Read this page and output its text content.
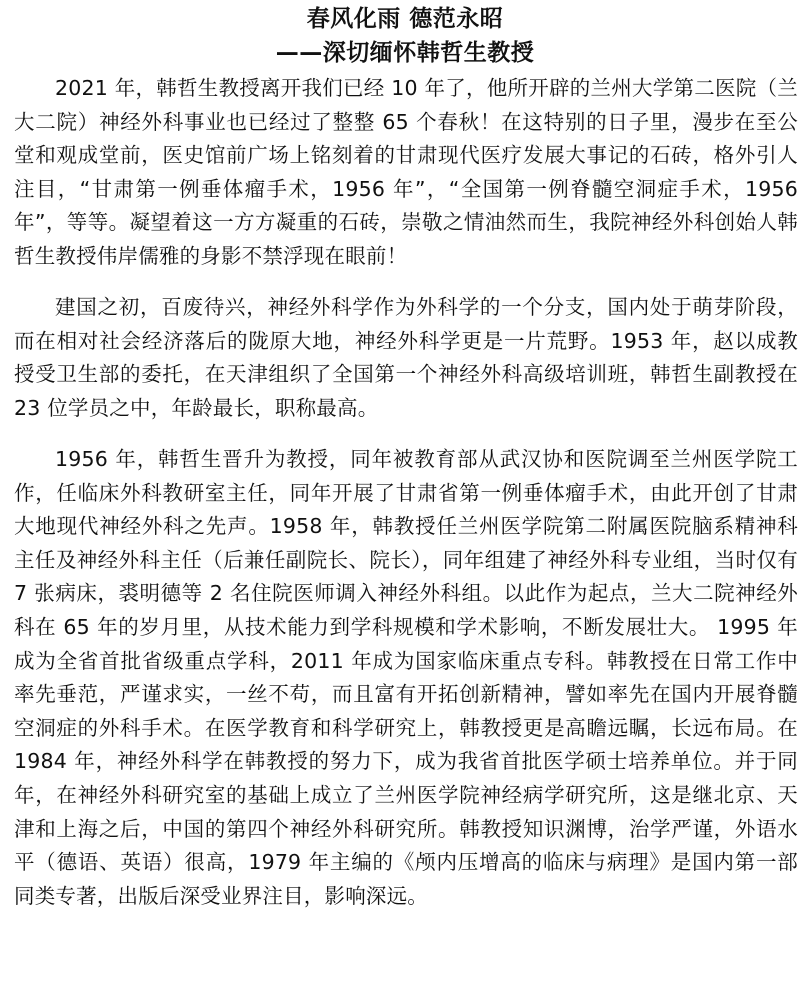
春风化雨 德范永昭
——深切缅怀韩哲生教授

2021 年，韩哲生教授离开我们已经 10 年了，他所开辟的兰州大学第二医院（兰大二院）神经外科事业也已经过了整整 65 个春秋！在这特别的日子里，漫步在至公堂和观成堂前，医史馆前广场上铭刻着的甘肃现代医疗发展大事记的石砖，格外引人注目，“甘肃第一例垂体瘤手术，1956 年”，“全国第一例脊髓空洞症手术，1956 年”，等等。凝望着这一方方凝重的石砖，崇敬之情油然而生，我院神经外科创始人韩哲生教授伟岸儒雅的身影不禁浮现在眼前！

建国之初，百废待兴，神经外科学作为外科学的一个分支，国内处于萌芽阶段，而在相对社会经济落后的陇原大地，神经外科学更是一片荒野。1953 年，赵以成教授受卫生部的委托，在天津组织了全国第一个神经外科高级培训班，韩哲生副教授在 23 位学员之中，年龄最长，职称最高。

1956 年，韩哲生晋升为教授，同年被教育部从武汉协和医院调至兰州医学院工作，任临床外科教研室主任，同年开展了甘肃省第一例垂体瘤手术，由此开创了甘肃大地现代神经外科之先声。1958 年，韩教授任兰州医学院第二附属医院脑系精神科主任及神经外科主任（后兼任副院长、院长），同年组建了神经外科专业组，当时仅有 7 张病床，裘明德等 2 名住院医师调入神经外科组。以此作为起点，兰大二院神经外科在 65 年的岁月里，从技术能力到学科规模和学术影响，不断发展壮大。 1995 年成为全省首批省级重点学科，2011 年成为国家临床重点专科。韩教授在日常工作中率先垂范，严谨求实，一丝不苟，而且富有开拓创新精神，譬如率先在国内开展脊髓空洞症的外科手术。在医学教育和科学研究上，韩教授更是高瞻远瞩，长远布局。在 1984 年，神经外科学在韩教授的努力下，成为我省首批医学硕士培养单位。并于同年，在神经外科研究室的基础上成立了兰州医学院神经病学研究所，这是继北京、天津和上海之后，中国的第四个神经外科研究所。韩教授知识渊博，治学严谨，外语水平（德语、英语）很高，1979 年主编的《颅内压增高的临床与病理》是国内第一部同类专著，出版后深受业界注目，影响深远。
